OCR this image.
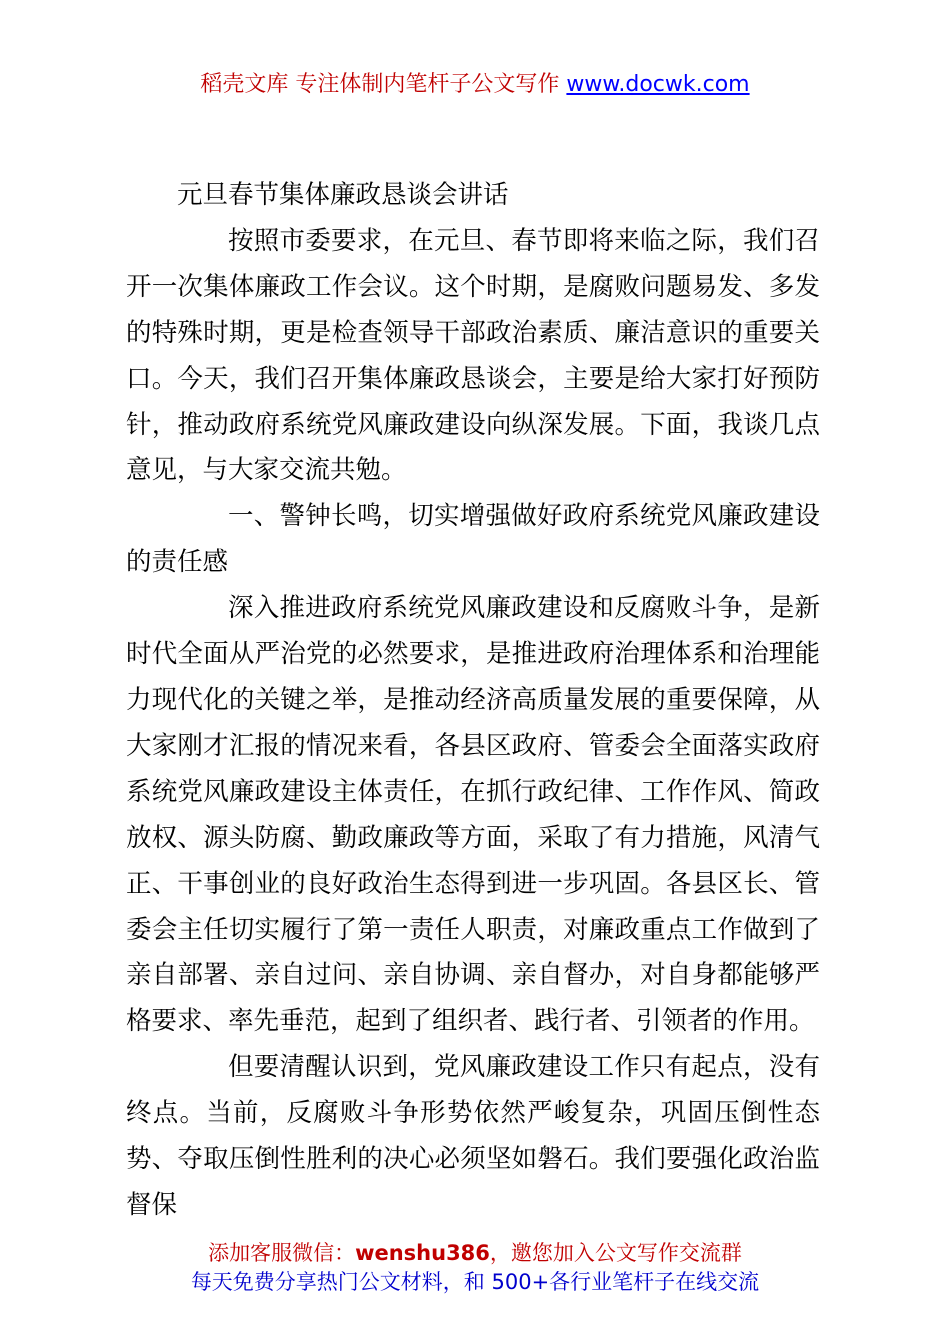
稻壳文库 专注体制内笔杆子公文写作 www.docwk.com

元旦春节集体廉政恳谈会讲话

按照市委要求，在元旦、春节即将来临之际，我们召开一次集体廉政工作会议。这个时期，是腐败问题易发、多发的特殊时期，更是检查领导干部政治素质、廉洁意识的重要关口。今天，我们召开集体廉政恳谈会，主要是给大家打好预防针，推动政府系统党风廉政建设向纵深发展。下面，我谈几点意见，与大家交流共勉。

一、警钟长鸣，切实增强做好政府系统党风廉政建设的责任感

深入推进政府系统党风廉政建设和反腐败斗争，是新时代全面从严治党的必然要求，是推进政府治理体系和治理能力现代化的关键之举，是推动经济高质量发展的重要保障，从大家刚才汇报的情况来看，各县区政府、管委会全面落实政府系统党风廉政建设主体责任，在抓行政纪律、工作作风、简政放权、源头防腐、勤政廉政等方面，采取了有力措施，风清气正、干事创业的良好政治生态得到进一步巩固。各县区长、管委会主任切实履行了第一责任人职责，对廉政重点工作做到了亲自部署、亲自过问、亲自协调、亲自督办，对自身都能够严格要求、率先垂范，起到了组织者、践行者、引领者的作用。

但要清醒认识到，党风廉政建设工作只有起点，没有终点。当前，反腐败斗争形势依然严峻复杂，巩固压倒性态势、夺取压倒性胜利的决心必须坚如磐石。我们要强化政治监督保

添加客服微信：wenshu386，邀您加入公文写作交流群
每天免费分享热门公文材料，和 500+各行业笔杆子在线交流
